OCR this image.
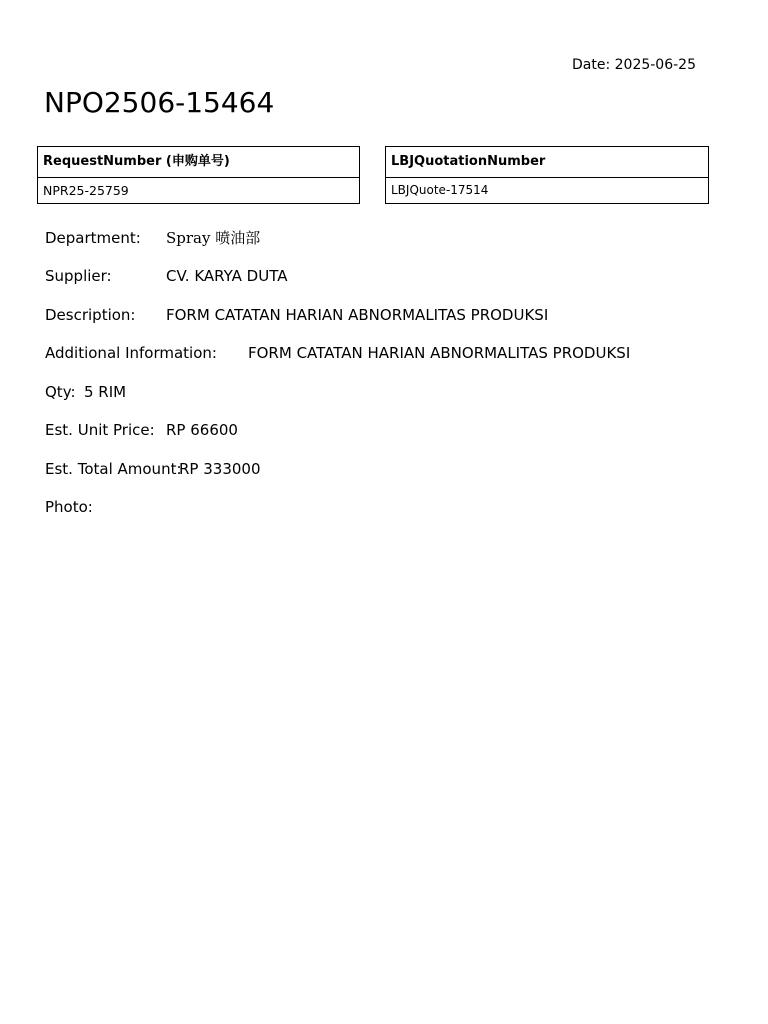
Date: 2025-06-25
NPO2506-15464
RequestNumber (申购单号)
NPR25-25759
LBJQuotationNumber
LBJQuote-17514
Department: Spray 喷油部
Supplier:	CV. KARYA DUTA
Description: FORM CATATAN HARIAN ABNORMALITAS PRODUKSI
Additional Information: FORM CATATAN HARIAN ABNORMALITAS PRODUKSI
Qty: 5 RIM
Est. Unit Price: RP 66600
Est. Total Amount:
RP 333000
Photo:
